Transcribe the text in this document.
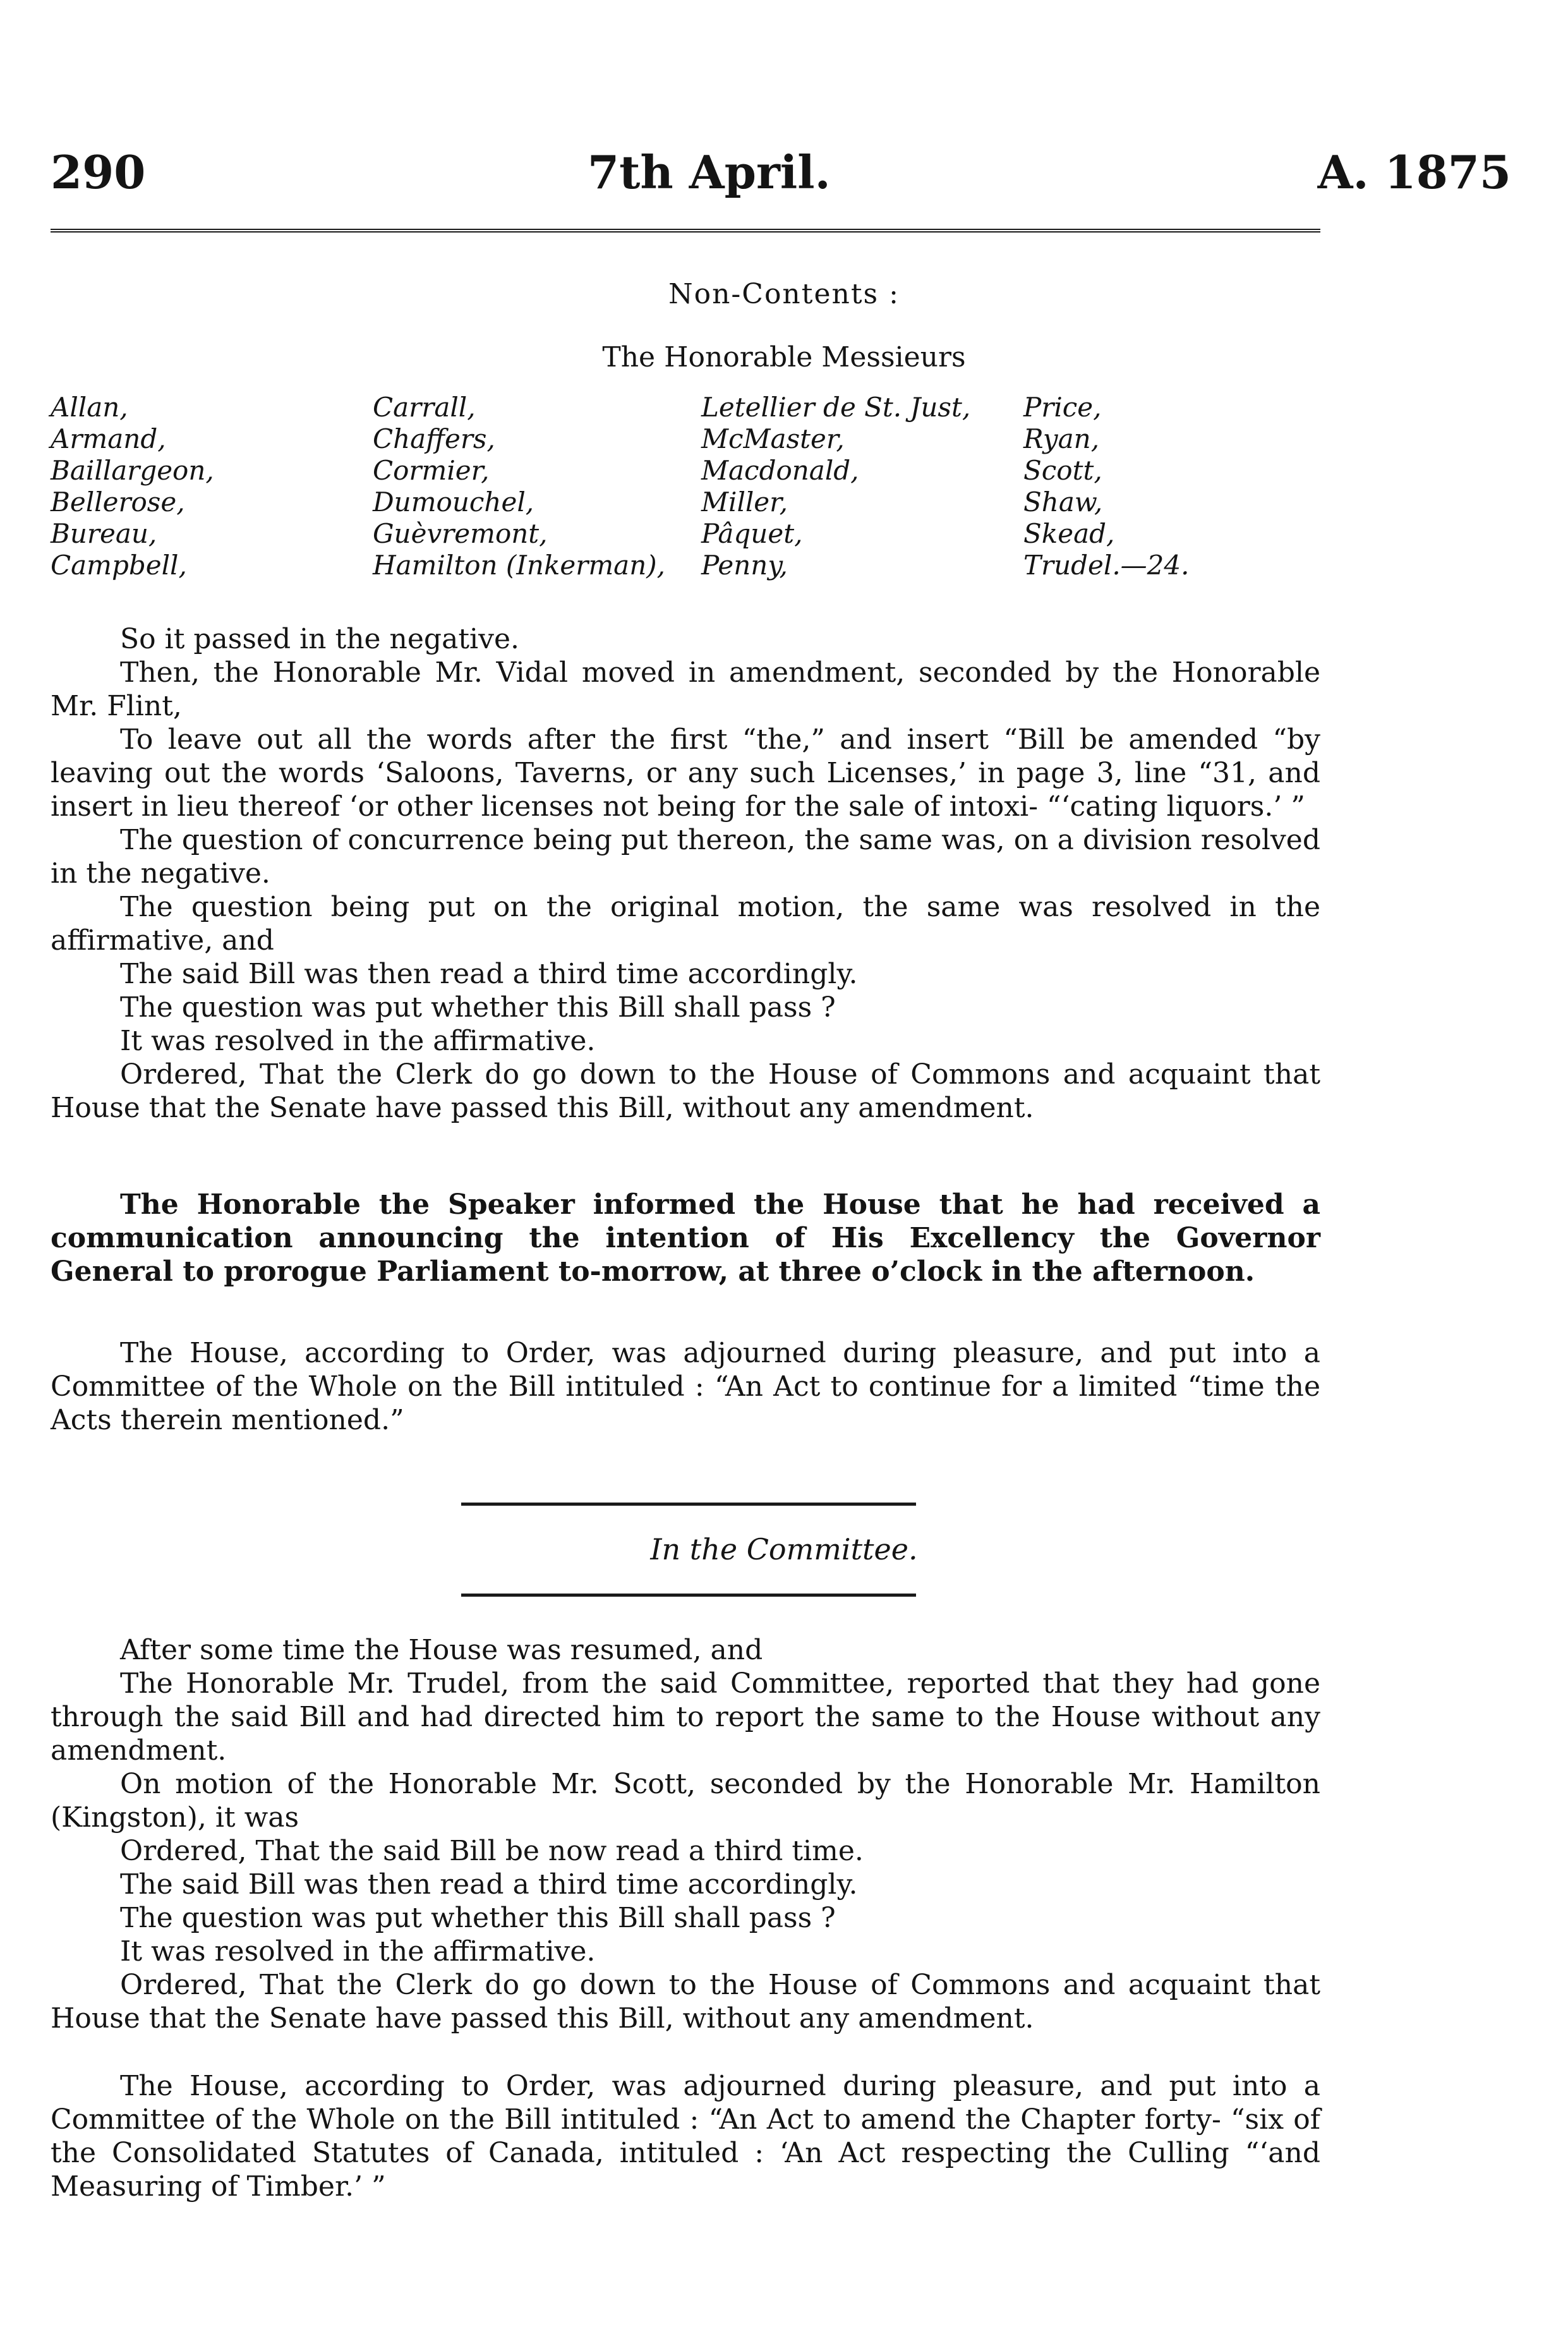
290	7th April.	A. 1875
Non-Contents :
The Honorable Messieurs
Allan,
Armand,
Baillargeon,
Bellerose,
Bureau,
Campbell,
Carrall,
Chaffers,
Cormier,
Dumouchel,
Guèvremont,
Hamilton (Inkerman),
Letellier de St. Just,
McMaster,
Macdonald,
Miller,
Pâquet,
Penny,
Price,
Ryan,
Scott,
Shaw,
Skead,
Trudel.—24.

So it passed in the negative.

Then, the Honorable Mr. Vidal moved in amendment, seconded by the Honorable Mr. Flint,

To leave out all the words after the first “the,” and insert “Bill be amended “by leaving out the words ‘Saloons, Taverns, or any such Licenses,’ in page 3, line “31, and insert in lieu thereof ‘or other licenses not being for the sale of intoxi- “‘cating liquors.’ ”

The question of concurrence being put thereon, the same was, on a division resolved in the negative.

The question being put on the original motion, the same was resolved in the affirmative, and

The said Bill was then read a third time accordingly.

The question was put whether this Bill shall pass ?

It was resolved in the affirmative.

Ordered, That the Clerk do go down to the House of Commons and acquaint that House that the Senate have passed this Bill, without any amendment.

The Honorable the Speaker informed the House that he had received a communication announcing the intention of His Excellency the Governor General to prorogue Parliament to-morrow, at three o’clock in the afternoon.

The House, according to Order, was adjourned during pleasure, and put into a Committee of the Whole on the Bill intituled : “An Act to continue for a limited “time the Acts therein mentioned.”

In the Committee.

After some time the House was resumed, and

The Honorable Mr. Trudel, from the said Committee, reported that they had gone through the said Bill and had directed him to report the same to the House without any amendment.

On motion of the Honorable Mr. Scott, seconded by the Honorable Mr. Hamilton (Kingston), it was

Ordered, That the said Bill be now read a third time.

The said Bill was then read a third time accordingly.

The question was put whether this Bill shall pass ?

It was resolved in the affirmative.

Ordered, That the Clerk do go down to the House of Commons and acquaint that House that the Senate have passed this Bill, without any amendment.

The House, according to Order, was adjourned during pleasure, and put into a Committee of the Whole on the Bill intituled : “An Act to amend the Chapter forty- “six of the Consolidated Statutes of Canada, intituled : ‘An Act respecting the Culling “‘and Measuring of Timber.’ ”
